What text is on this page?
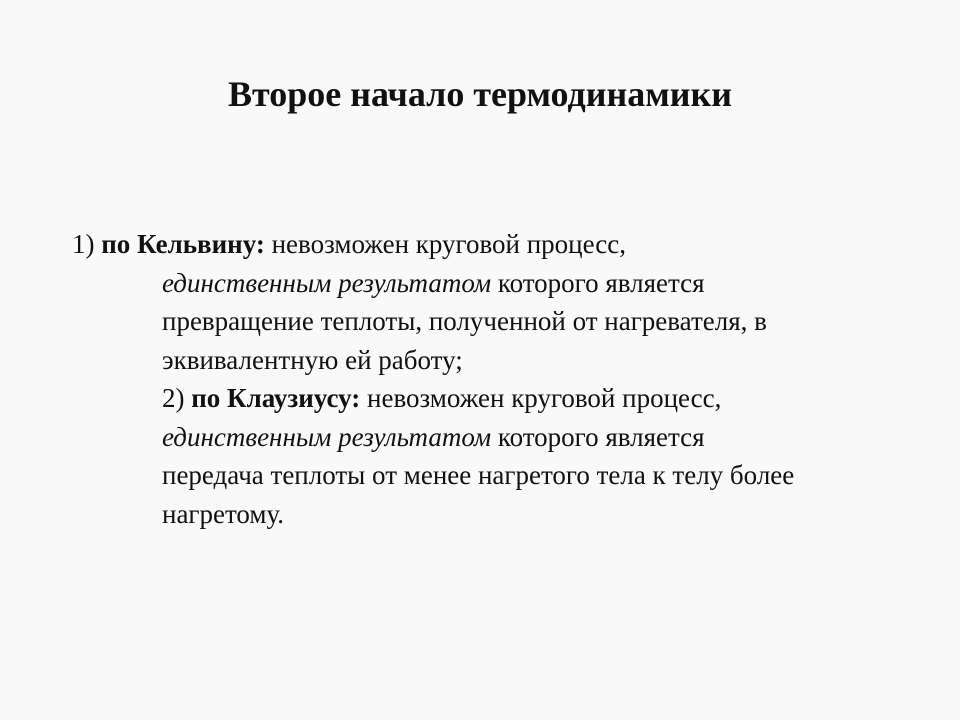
Второе начало термодинамики

1) по Кельвину: невозможен круговой процесс,

единственным результатом которого является

превращение теплоты, полученной от нагревателя, в

эквивалентную ей работу;

2) по Клаузиусу: невозможен круговой процесс,

единственным результатом которого является

передача теплоты от менее нагретого тела к телу более

нагретому.
